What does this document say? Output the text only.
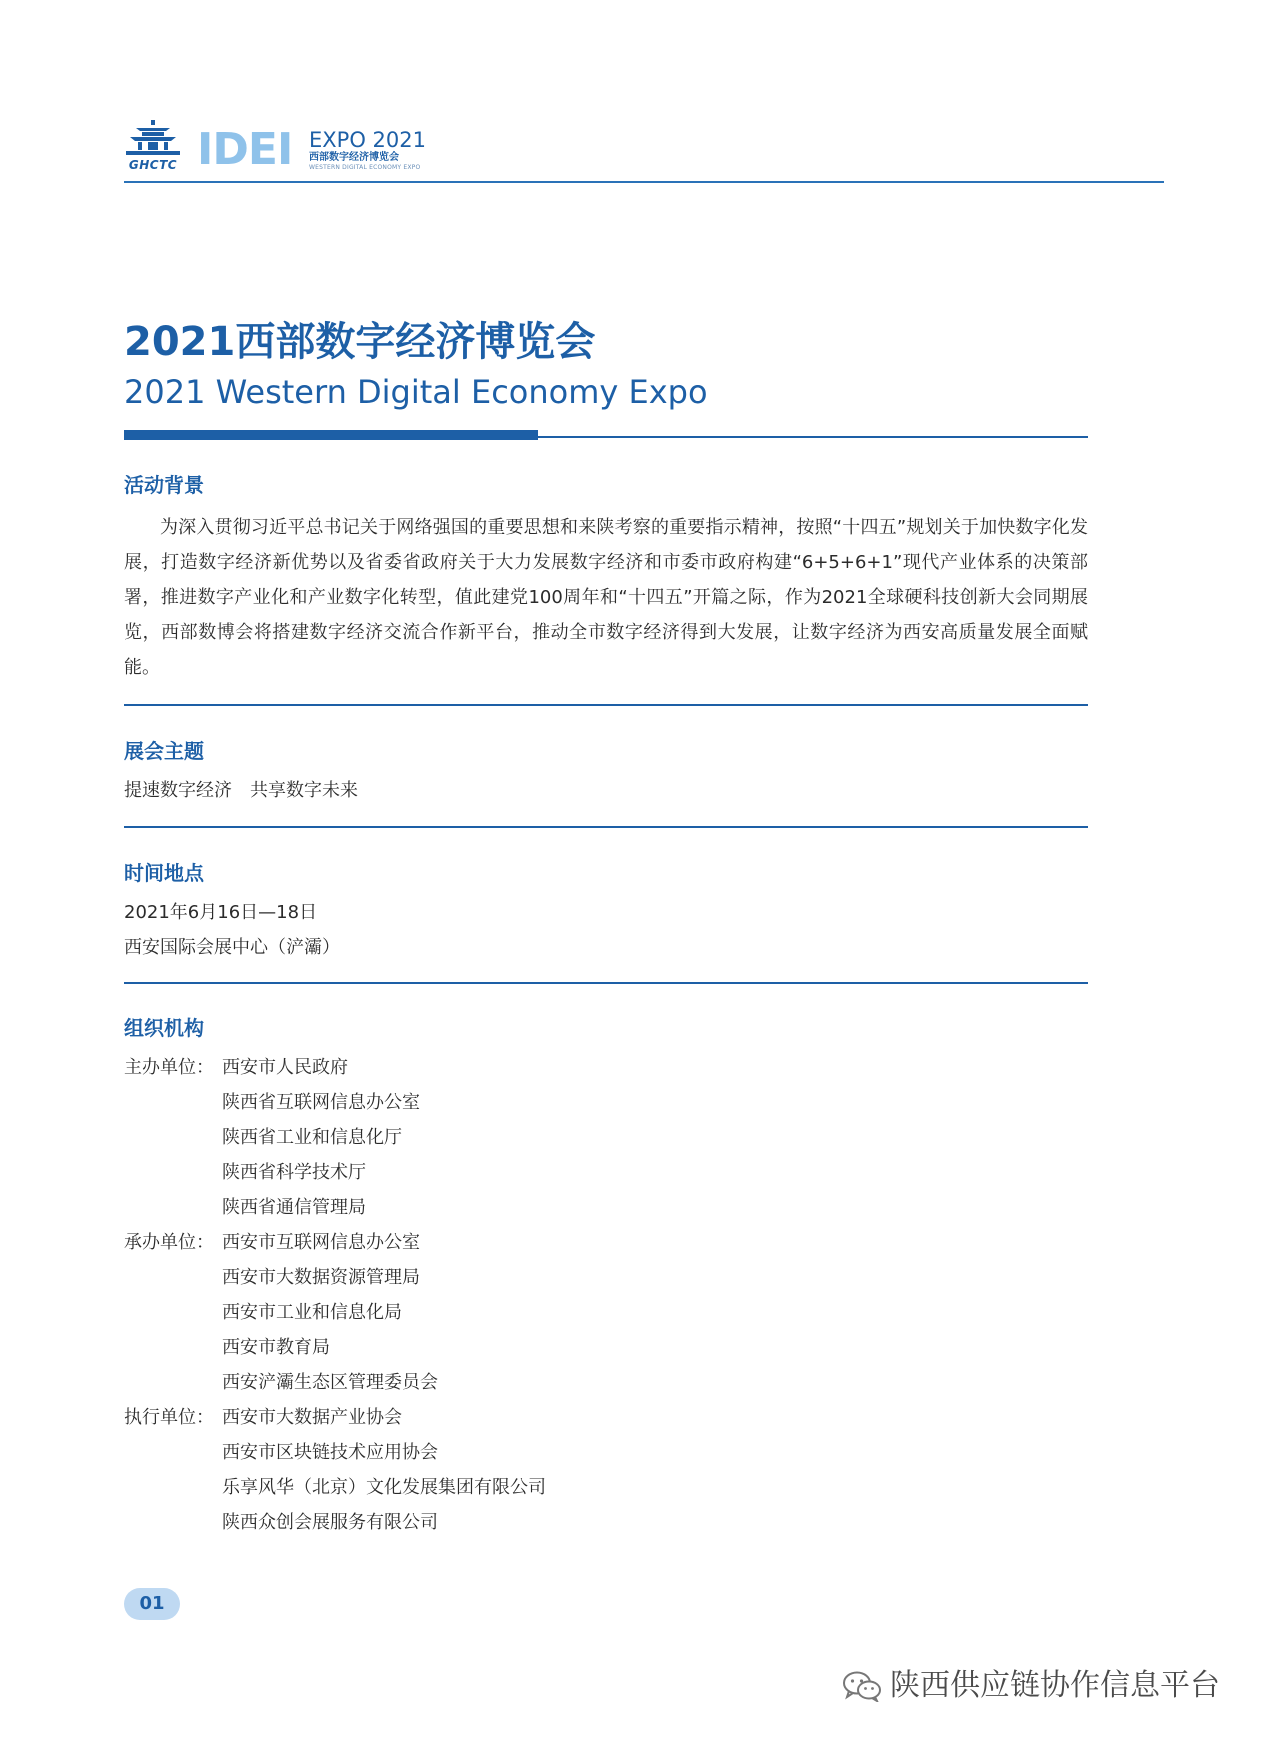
GHCTC IDEI EXPO 2021
西部数字经济博览会
WESTERN DIGITAL ECONOMY EXPO
2021西部数字经济博览会
2021 Western Digital Economy Expo
活动背景
为深入贯彻习近平总书记关于网络强国的重要思想和来陕考察的重要指示精神，按照“十四五”规划关于加快数字化发展，打造数字经济新优势以及省委省政府关于大力发展数字经济和市委市政府构建“6+5+6+1”现代产业体系的决策部署，推进数字产业化和产业数字化转型，值此建党100周年和“十四五”开篇之际，作为2021全球硬科技创新大会同期展览，西部数博会将搭建数字经济交流合作新平台，推动全市数字经济得到大发展，让数字经济为西安高质量发展全面赋能。
展会主题
提速数字经济　共享数字未来
时间地点
2021年6月16日—18日
西安国际会展中心（浐灞）
组织机构
主办单位： 西安市人民政府
陕西省互联网信息办公室
陕西省工业和信息化厅
陕西省科学技术厅
陕西省通信管理局
承办单位： 西安市互联网信息办公室
西安市大数据资源管理局
西安市工业和信息化局
西安市教育局
西安浐灞生态区管理委员会
执行单位： 西安市大数据产业协会
西安市区块链技术应用协会
乐享风华（北京）文化发展集团有限公司
陕西众创会展服务有限公司
01
陕西供应链协作信息平台
